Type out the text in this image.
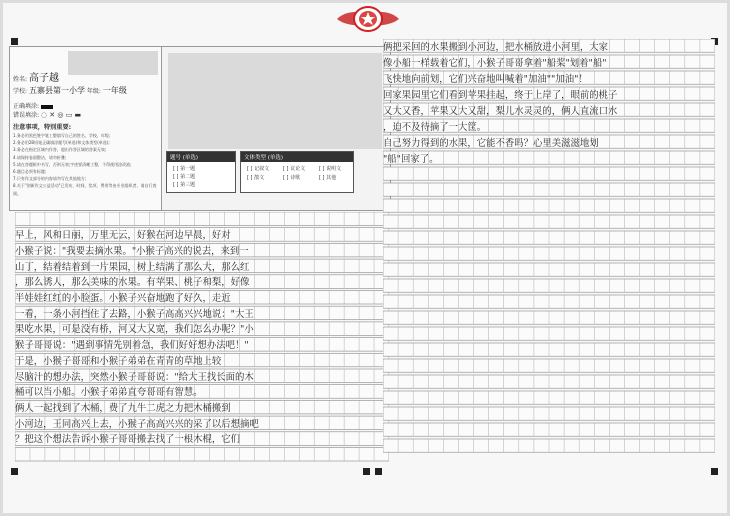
姓名: 高子越
学校: 五寨县第一小学 年级: 一年级
正确填涂:
错误填涂: ◌ ✕ ◎ ▭ ▬
注意事项，特别重要:
1.务必用黑色签字笔工整填写自己的姓名、学校、年级;
2.务必用2B铅笔正确填涂题号(单选)和文体类型(单选);
3.务必在指定区域内作答，超出作答区域的答案无效;
4.请保持卷面整洁，请勿折叠;
5.请在答题框中书写，否则无效;字迹要清晰工整，不得使用涂改液;
6.题目必须有标题;
7.只有作文部分的内容请勿写在其他地方;
8.关于"创新作文公益活动"已发布、时间、奖项、费用等由专业组织者，请自行查阅。
题号 (单选)
[ ] 第一题
[ ] 第二题
[ ] 第三题
文体类型 (单选)
[ ] 记叙文	[ ] 议论文	[ ] 说明文
[ ] 散文	[ ] 诗歌	[ ] 其他
早上，风和日丽，万里无云，好猴在河边早晨，好对
小猴子说："我要去摘水果。"小猴子高兴的说去，来到一
山丁，结着结着到一片果园，树上结满了那么大，那么红
，那么诱人，那么美味的水果。有苹果、桃子和梨，好像
半娃娃红红的小脸蛋。小猴子兴奋地跑了好久，走近
一看，一条小河挡住了去路，小猴子高高兴兴地说："大王
果吃水果，可是没有桥，河又大又宽，我们怎么办呢？"小
猴子哥哥说："遇到事情先别着急，我们好好想办法吧！"
于是，小猴子哥哥和小猴子弟弟在青青的草地上较
尽脑汁的想办法，突然小猴子哥哥说："给大王找长面的木
桶可以当小船。小猴子弟弟直夸哥哥有智慧。
俩人一起找到了木桶，费了九牛二虎之力把木桶搬到
小河边，王同高兴上去，小猴子高高兴兴的采了以后想摘吧
？把这个想法告诉小猴子哥哥搬去找了一根木棍，它们
俩把采回的水果搬到小河边，把水桶放进小河里，大家
像小船一样载着它们，小猴子哥哥拿着"船桨"划着"船"
飞快地向前划，它们兴奋地叫喊着"加油""加油"！
回家果园里它们看到苹果挂起，终于上岸了，眼前的桃子
又大又香，苹果又大又甜，梨儿水灵灵的，俩人直流口水
，迫不及待摘了一大筐。
自己努力得到的水果，它能不香吗？心里美滋滋地划
"船"回家了。
